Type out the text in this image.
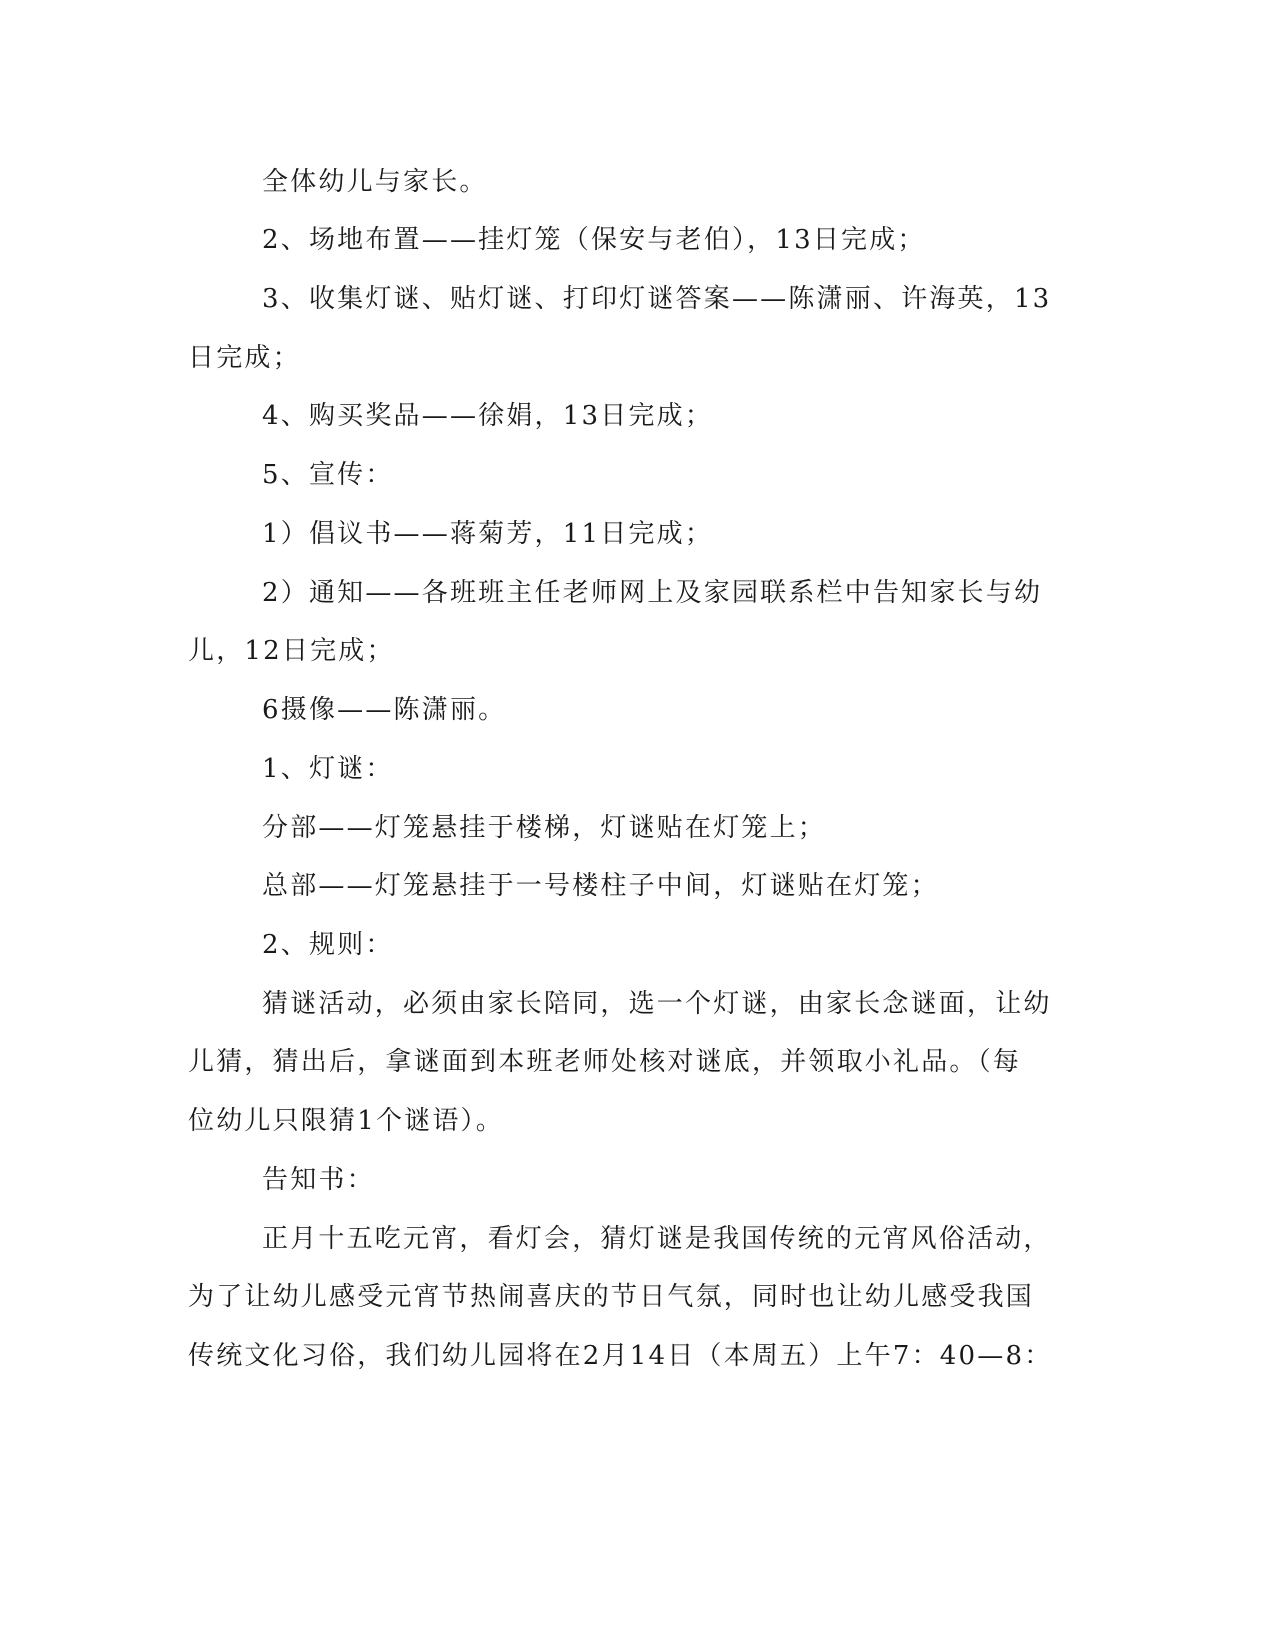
全体幼儿与家长。
2、场地布置——挂灯笼（保安与老伯），13日完成；
3、收集灯谜、贴灯谜、打印灯谜答案——陈潇丽、许海英，13
日完成；
4、购买奖品——徐娟，13日完成；
5、宣传：
1）倡议书——蒋菊芳，11日完成；
2）通知——各班班主任老师网上及家园联系栏中告知家长与幼
儿，12日完成；
6摄像——陈潇丽。
1、灯谜：
分部——灯笼悬挂于楼梯，灯谜贴在灯笼上；
总部——灯笼悬挂于一号楼柱子中间，灯谜贴在灯笼；
2、规则：
猜谜活动，必须由家长陪同，选一个灯谜，由家长念谜面，让幼
儿猜，猜出后，拿谜面到本班老师处核对谜底，并领取小礼品。（每
位幼儿只限猜1个谜语）。
告知书：
正月十五吃元宵，看灯会，猜灯谜是我国传统的元宵风俗活动，
为了让幼儿感受元宵节热闹喜庆的节日气氛，同时也让幼儿感受我国
传统文化习俗，我们幼儿园将在2月14日（本周五）上午7：40—8：
